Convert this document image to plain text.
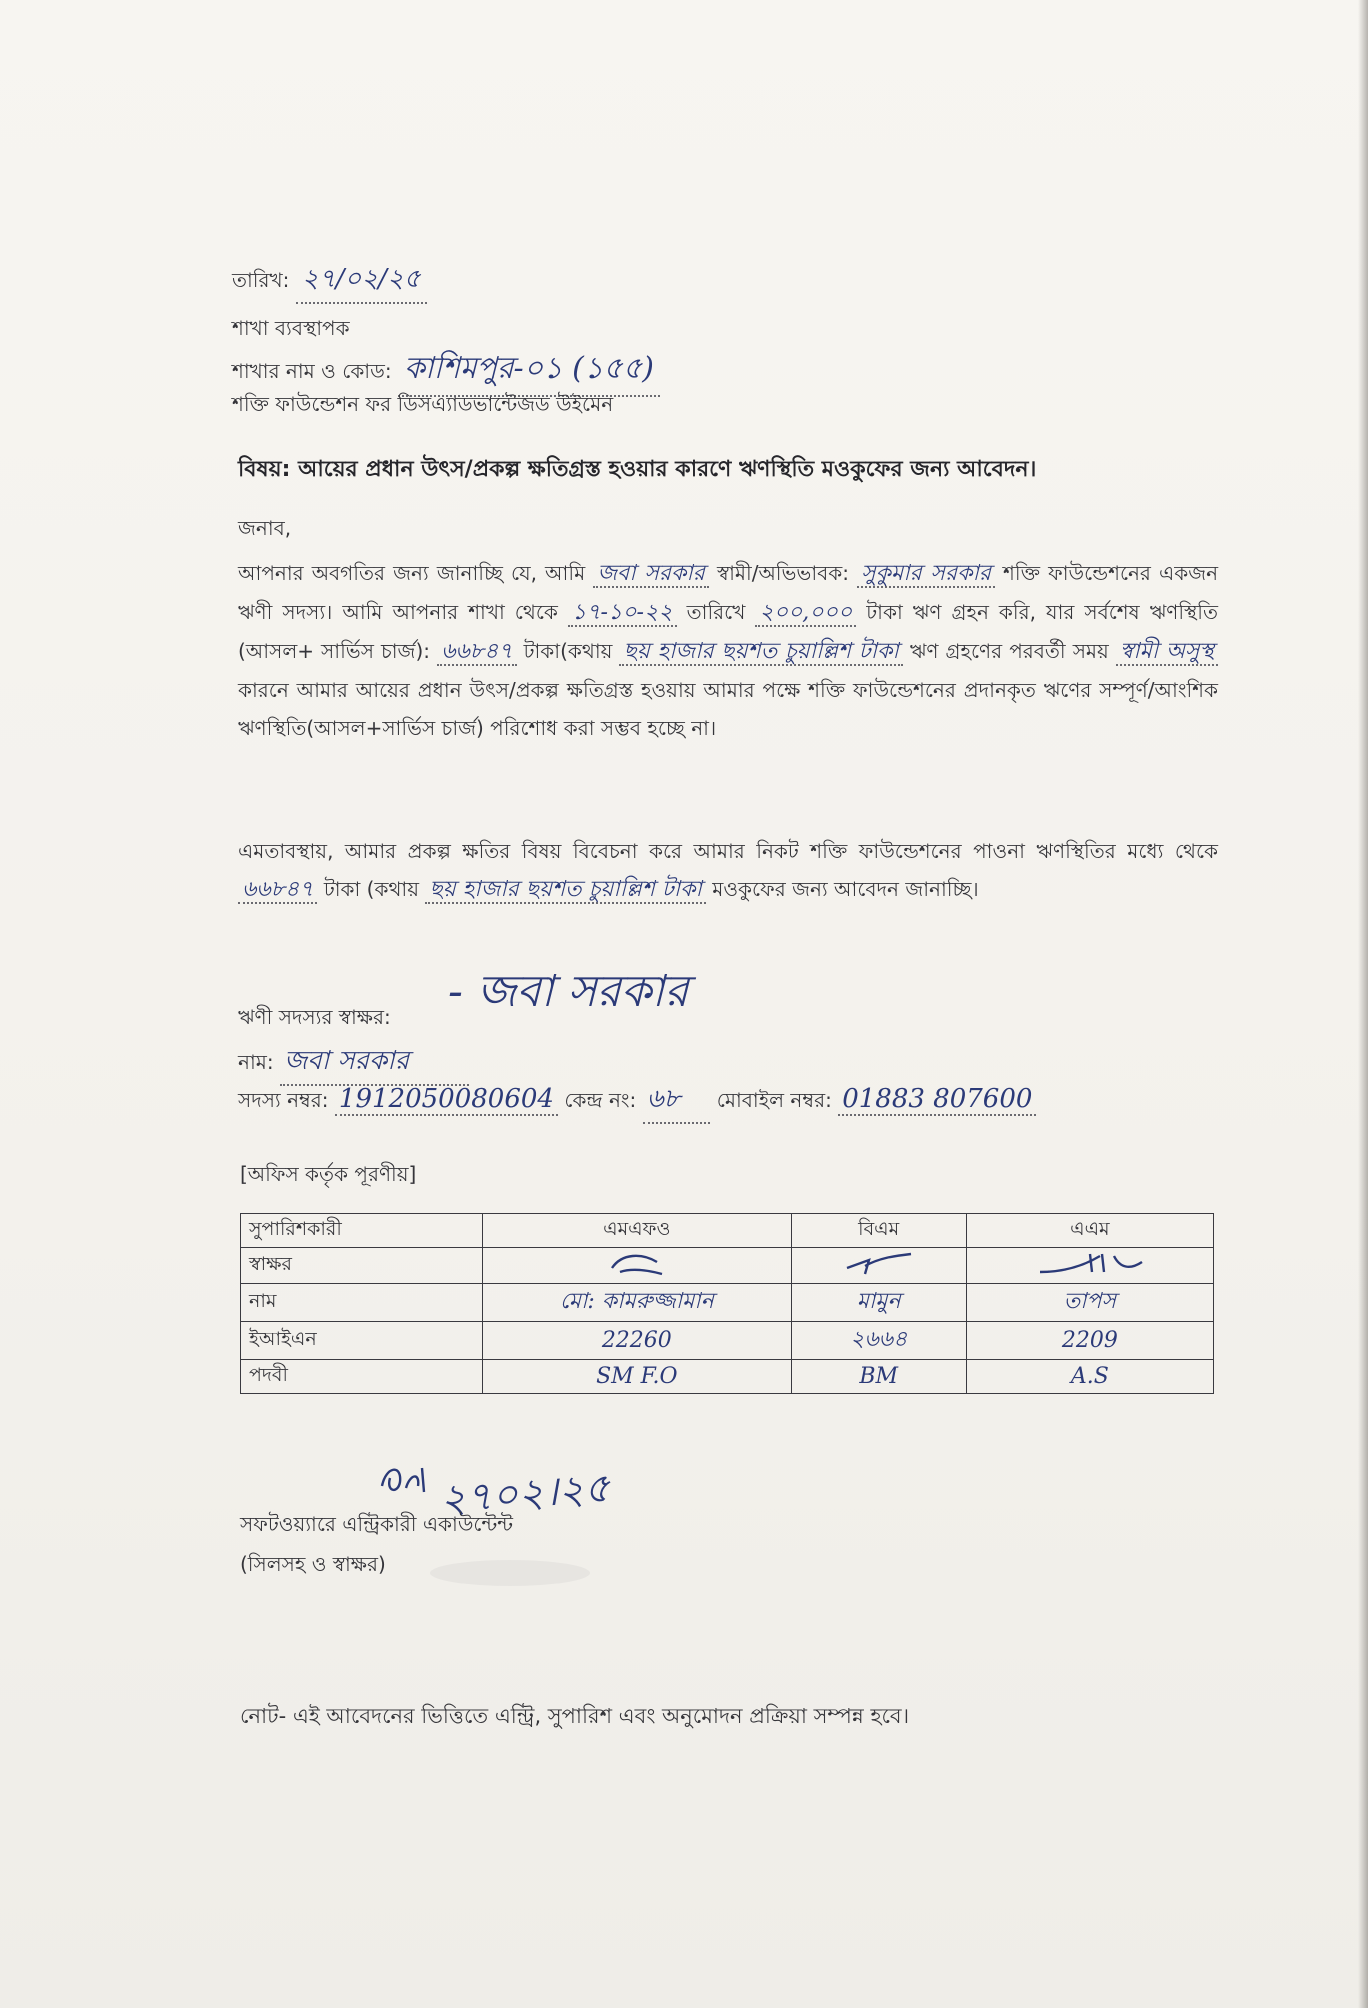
তারিখ: ২৭/০২/২৫
শাখা ব্যবস্থাপক
শাখার নাম ও কোড: কাশিমপুর-০১ (১৫৫)
শক্তি ফাউন্ডেশন ফর ডিসএ্যাডভান্টেজড উইমেন
বিষয়: আয়ের প্রধান উৎস/প্রকল্প ক্ষতিগ্রস্ত হওয়ার কারণে ঋণস্থিতি মওকুফের জন্য আবেদন।
জনাব,
আপনার অবগতির জন্য জানাচ্ছি যে, আমি জবা সরকার স্বামী/অভিভাবক: সুকুমার সরকার শক্তি ফাউন্ডেশনের একজন ঋণী সদস্য। আমি আপনার শাখা থেকে ১৭-১০-২২ তারিখে ২০০,০০০ টাকা ঋণ গ্রহন করি, যার সর্বশেষ ঋণস্থিতি (আসল+ সার্ভিস চার্জ): ৬৬৮৪৭ টাকা(কথায় ছয় হাজার ছয়শত চুয়াল্লিশ টাকা ঋণ গ্রহণের পরবর্তী সময় স্বামী অসুস্থ কারনে আমার আয়ের প্রধান উৎস/প্রকল্প ক্ষতিগ্রস্ত হওয়ায় আমার পক্ষে শক্তি ফাউন্ডেশনের প্রদানকৃত ঋণের সম্পূর্ণ/আংশিক ঋণস্থিতি(আসল+সার্ভিস চার্জ) পরিশোধ করা সম্ভব হচ্ছে না।
এমতাবস্থায়, আমার প্রকল্প ক্ষতির বিষয় বিবেচনা করে আমার নিকট শক্তি ফাউন্ডেশনের পাওনা ঋণস্থিতির মধ্যে থেকে ৬৬৮৪৭ টাকা (কথায় ছয় হাজার ছয়শত চুয়াল্লিশ টাকা মওকুফের জন্য আবেদন জানাচ্ছি।
- জবা সরকার
ঋণী সদস্যর স্বাক্ষর:
নাম: জবা সরকার
সদস্য নম্বর: 1912050080604 কেন্দ্র নং: ৬৮ মোবাইল নম্বর: 01883 807600
[অফিস কর্তৃক পূরণীয়]
সুপারিশকারী	এমএফও	বিএম	এএম
স্বাক্ষর			
নাম	মো: কামরুজ্জামান	মামুন	তাপস
ইআইএন	22260	২৬৬৪	2209
পদবী	SM F.O	BM	A.S
২৭০২।২৫
সফটওয়্যারে এন্ট্রিকারী একাউন্টেন্ট
(সিলসহ ও স্বাক্ষর)
নোট- এই আবেদনের ভিত্তিতে এন্ট্রি, সুপারিশ এবং অনুমোদন প্রক্রিয়া সম্পন্ন হবে।
